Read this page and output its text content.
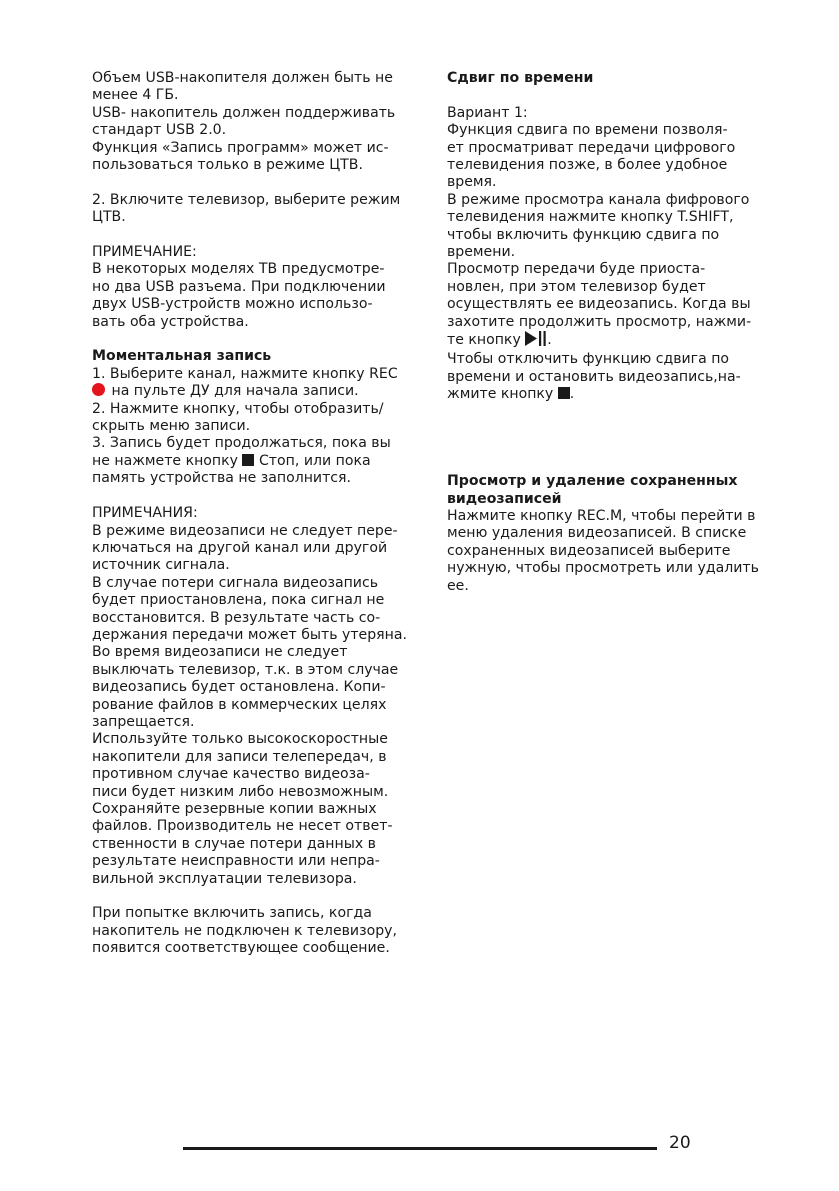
Объем USB-накопителя должен быть не
менее 4 ГБ.
USB- накопитель должен поддерживать
стандарт USB 2.0.
Функция «Запись программ» может ис-
пользоваться только в режиме ЦТВ.

2. Включите телевизор, выберите режим
ЦТВ.

ПРИМЕЧАНИЕ:

В некоторых моделях ТВ предусмотре-
но два USB разъема. При подключении
двух USB-устройств можно использо-
вать оба устройства.

Моментальная запись

1. Выберите канал, нажмите кнопку REC
на пульте ДУ для начала записи.

2. Нажмите кнопку, чтобы отобразить/
скрыть меню записи.

3. Запись будет продолжаться, пока вы
не нажмете кнопку  Стоп, или пока
память устройства не заполнится.

ПРИМЕЧАНИЯ:

В режиме видеозаписи не следует пере-
ключаться на другой канал или другой
источник сигнала.
В случае потери сигнала видеозапись
будет приостановлена, пока сигнал не
восстановится. В результате часть со-
держания передачи может быть утеряна.
Во время видеозаписи не следует
выключать телевизор, т.к. в этом случае
видеозапись будет остановлена. Копи-
рование файлов в коммерческих целях
запрещается.
Используйте только высокоскоростные
накопители для записи телепередач, в
противном случае качество видеоза-
писи будет низким либо невозможным.
Сохраняйте резервные копии важных
файлов. Производитель не несет ответ-
ственности в случае потери данных в
результате неисправности или непра-
вильной эксплуатации телевизора.

При попытке включить запись, когда
накопитель не подключен к телевизору,
появится соответствующее сообщение.

Сдвиг по времени

Вариант 1:

Функция сдвига по времени позволя-
ет просматриват передачи цифрового
телевидения позже, в более удобное
время.
В режиме просмотра канала фифрового
телевидения нажмите кнопку T.SHIFT,
чтобы включить функцию сдвига по
времени.
Просмотр передачи буде приоста-
новлен, при этом телевизор будет
осуществлять ее видеозапись. Когда вы
захотите продолжить просмотр, нажми-
те кнопку .

Чтобы отключить функцию сдвига по
времени и остановить видеозапись,на-
жмите кнопку .

Просмотр и удаление сохраненных
видеозаписей

Нажмите кнопку REC.M, чтобы перейти в
меню удаления видеозаписей. В списке
сохраненных видеозаписей выберите
нужную, чтобы просмотреть или удалить
ее.

20
